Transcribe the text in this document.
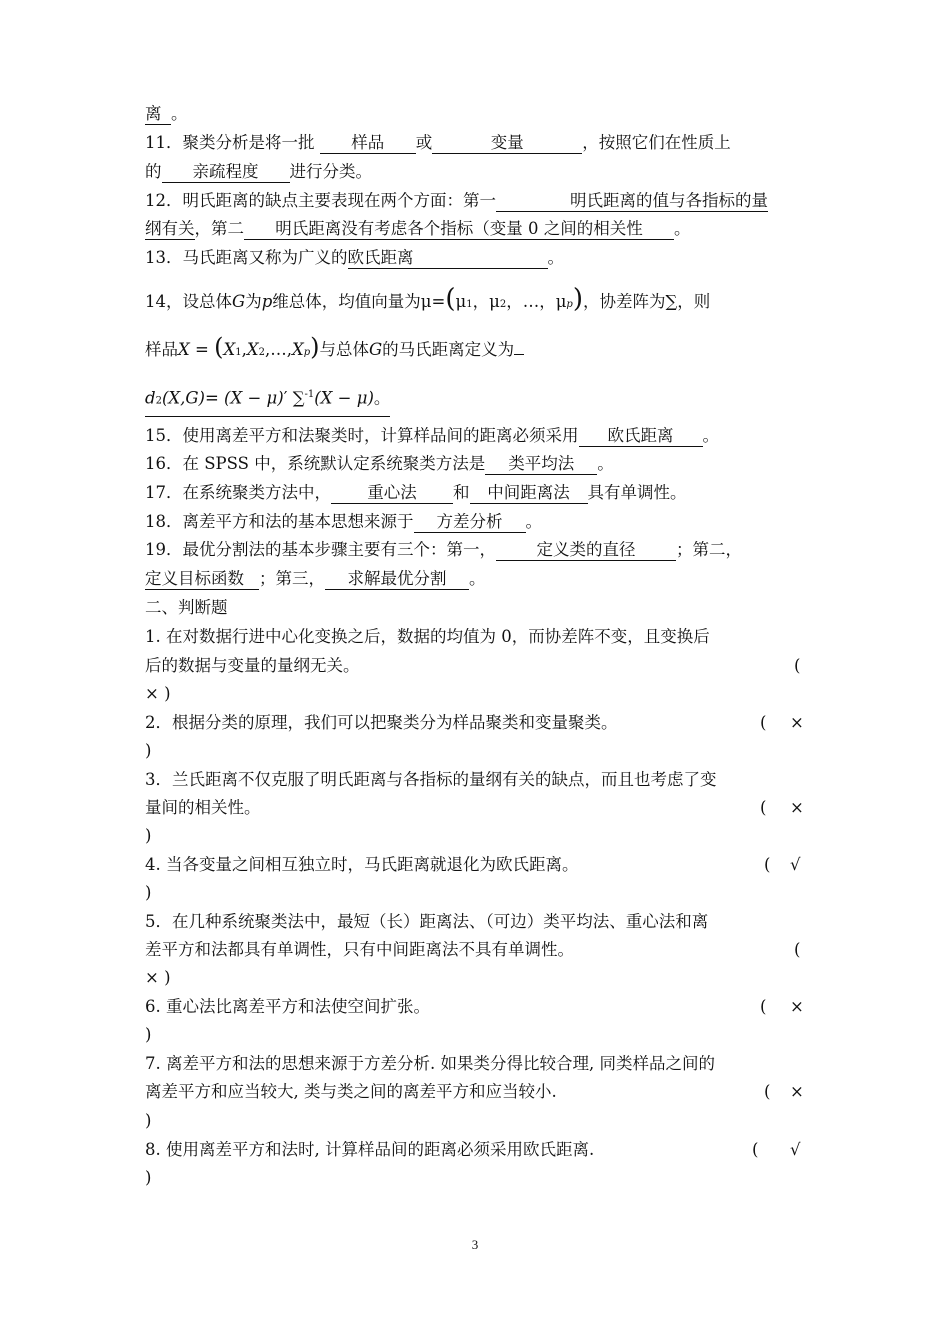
离 。
11．聚类分析是将一批 样品 或	变量	，按照它们在性质上
的 亲疏程度 进行分类。
12．明氏距离的缺点主要表现在两个方面：第一	明氏距离的值与各指标的量
纲有关，第二 明氏距离没有考虑各个指标（变量 0 之间的相关性 。
13．马氏距离又称为广义的欧氏距离	。
14，设总体G为p维总体，均值向量为μ=(μ1，μ2，…，μp)，协差阵为∑，则
样品X = (X1,X2,…,Xp)与总体G的马氏距离定义为
d2(X,G)= (X − μ)′ ∑$^{-1}$(X − μ)。
15．使用离差平方和法聚类时，计算样品间的距离必须采用 欧氏距离 。
16．在 SPSS 中，系统默认定系统聚类方法是 类平均法 。
17．在系统聚类方法中， 重心法 和 中间距离法 具有单调性。
18．离差平方和法的基本思想来源于 方差分析 。
19．最优分割法的基本步骤主要有三个：第一， 定义类的直径 ；第二，
定义目标函数 ；第三， 求解最优分割 。
二、判断题
1. 在对数据行进中心化变换之后，数据的均值为 0，而协差阵不变，且变换后
后的数据与变量的量纲无关。	(
× )
2．根据分类的原理，我们可以把聚类分为样品聚类和变量聚类。	( ×
)
3．兰氏距离不仅克服了明氏距离与各指标的量纲有关的缺点，而且也考虑了变
量间的相关性。	( ×
)
4. 当各变量之间相互独立时，马氏距离就退化为欧氏距离。	( √
)
5．在几种系统聚类法中，最短（长）距离法、（可边）类平均法、重心法和离
差平方和法都具有单调性，只有中间距离法不具有单调性。	(
× )
6. 重心法比离差平方和法使空间扩张。	( ×
)
7. 离差平方和法的思想来源于方差分析. 如果类分得比较合理, 同类样品之间的
离差平方和应当较大, 类与类之间的离差平方和应当较小.	( ×
)
8. 使用离差平方和法时, 计算样品间的距离必须采用欧氏距离.	( √
)
3
